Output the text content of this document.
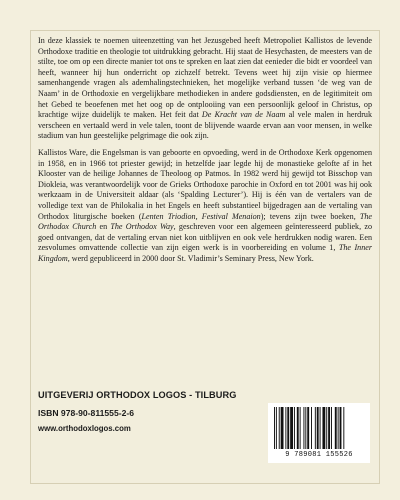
In deze klassiek te noemen uiteenzetting van het Jezusgebed heeft Metropoliet Kallistos de levende Orthodoxe traditie en theologie tot uitdrukking gebracht. Hij staat de Hesychasten, de meesters van de stilte, toe om op een directe manier tot ons te spreken en laat zien dat eenieder die bidt er voordeel van heeft, wanneer hij hun onderricht op zichzelf betrekt. Tevens weet hij zijn visie op hiermee samenhangende vragen als ademhalingstechnieken, het mogelijke verband tussen ‘de weg van de Naam’ in de Orthodoxie en vergelijkbare methodieken in andere godsdiensten, en de legitimiteit om het Gebed te beoefenen met het oog op de ontplooiing van een persoonlijk geloof in Christus, op krachtige wijze duidelijk te maken. Het feit dat De Kracht van de Naam al vele malen in herdruk verscheen en vertaald werd in vele talen, toont de blijvende waarde ervan aan voor mensen, in welke stadium van hun geestelijke pelgrimage die ook zijn.

Kallistos Ware, die Engelsman is van geboorte en opvoeding, werd in de Orthodoxe Kerk opgenomen in 1958, en in 1966 tot priester gewijd; in hetzelfde jaar legde hij de monastieke gelofte af in het Klooster van de heilige Johannes de Theoloog op Patmos. In 1982 werd hij gewijd tot Bisschop van Diokleia, was verantwoordelijk voor de Grieks Orthodoxe parochie in Oxford en tot 2001 was hij ook werkzaam in de Universiteit aldaar (als ‘Spalding Lecturer’). Hij is één van de vertalers van de volledige text van de Philokalia in het Engels en heeft substantieel bijgedragen aan de vertaling van Orthodox liturgische boeken (Lenten Triodion, Festival Menaion); tevens zijn twee boeken, The Orthodox Church en The Orthodox Way, geschreven voor een algemeen geïnteresseerd publiek, zo goed ontvangen, dat de vertaling ervan niet kon uitblijven en ook vele herdrukken nodig waren. Een zesvolumes omvattende collectie van zijn eigen werk is in voorbereiding en volume 1, The Inner Kingdom, werd gepubliceerd in 2000 door St. Vladimir’s Seminary Press, New York.

UITGEVERIJ ORTHODOX LOGOS - TILBURG
ISBN 978-90-811555-2-6
www.orthodoxlogos.com
9 789081 155526
